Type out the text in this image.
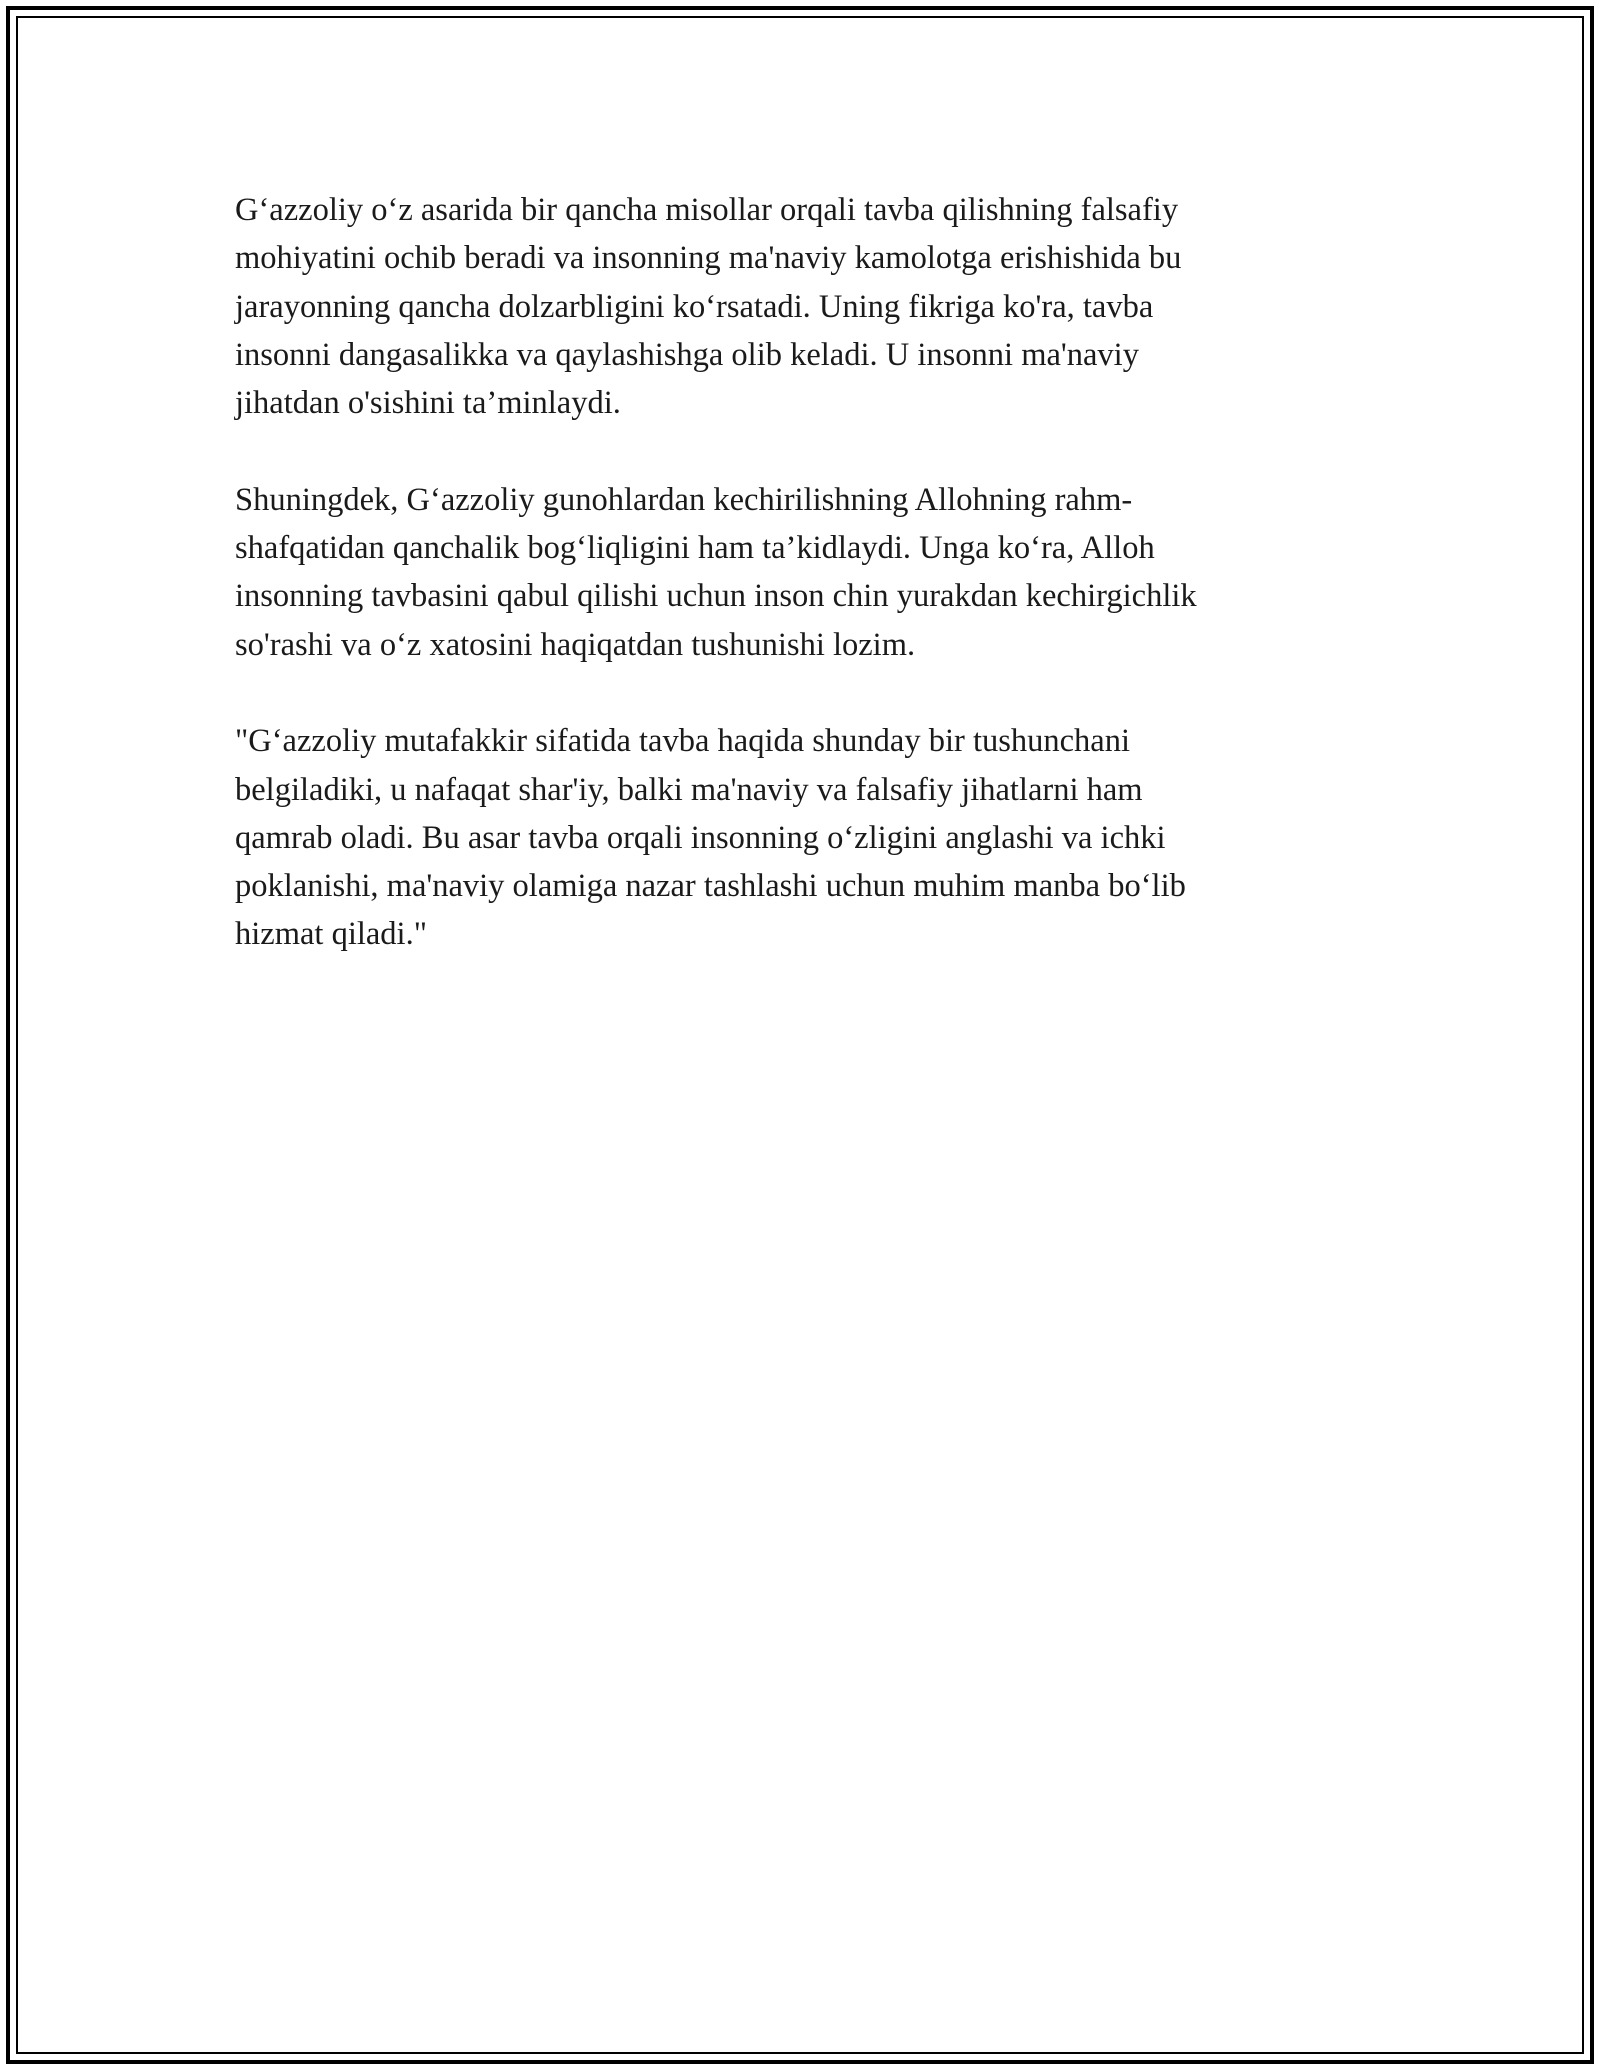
G‘azzoliy o‘z asarida bir qancha misollar orqali tavba qilishning falsafiy
mohiyatini ochib beradi va insonning ma'naviy kamolotga erishishida bu
jarayonning qancha dolzarbligini ko‘rsatadi. Uning fikriga ko'ra, tavba
insonni dangasalikka va qaylashishga olib keladi. U insonni ma'naviy
jihatdan o'sishini ta’minlaydi.

Shuningdek, G‘azzoliy gunohlardan kechirilishning Allohning rahm-
shafqatidan qanchalik bog‘liqligini ham ta’kidlaydi. Unga ko‘ra, Alloh
insonning tavbasini qabul qilishi uchun inson chin yurakdan kechirgichlik
so'rashi va o‘z xatosini haqiqatdan tushunishi lozim.

"G‘azzoliy mutafakkir sifatida tavba haqida shunday bir tushunchani
belgiladiki, u nafaqat shar'iy, balki ma'naviy va falsafiy jihatlarni ham
qamrab oladi. Bu asar tavba orqali insonning o‘zligini anglashi va ichki
poklanishi, ma'naviy olamiga nazar tashlashi uchun muhim manba bo‘lib
hizmat qiladi."
